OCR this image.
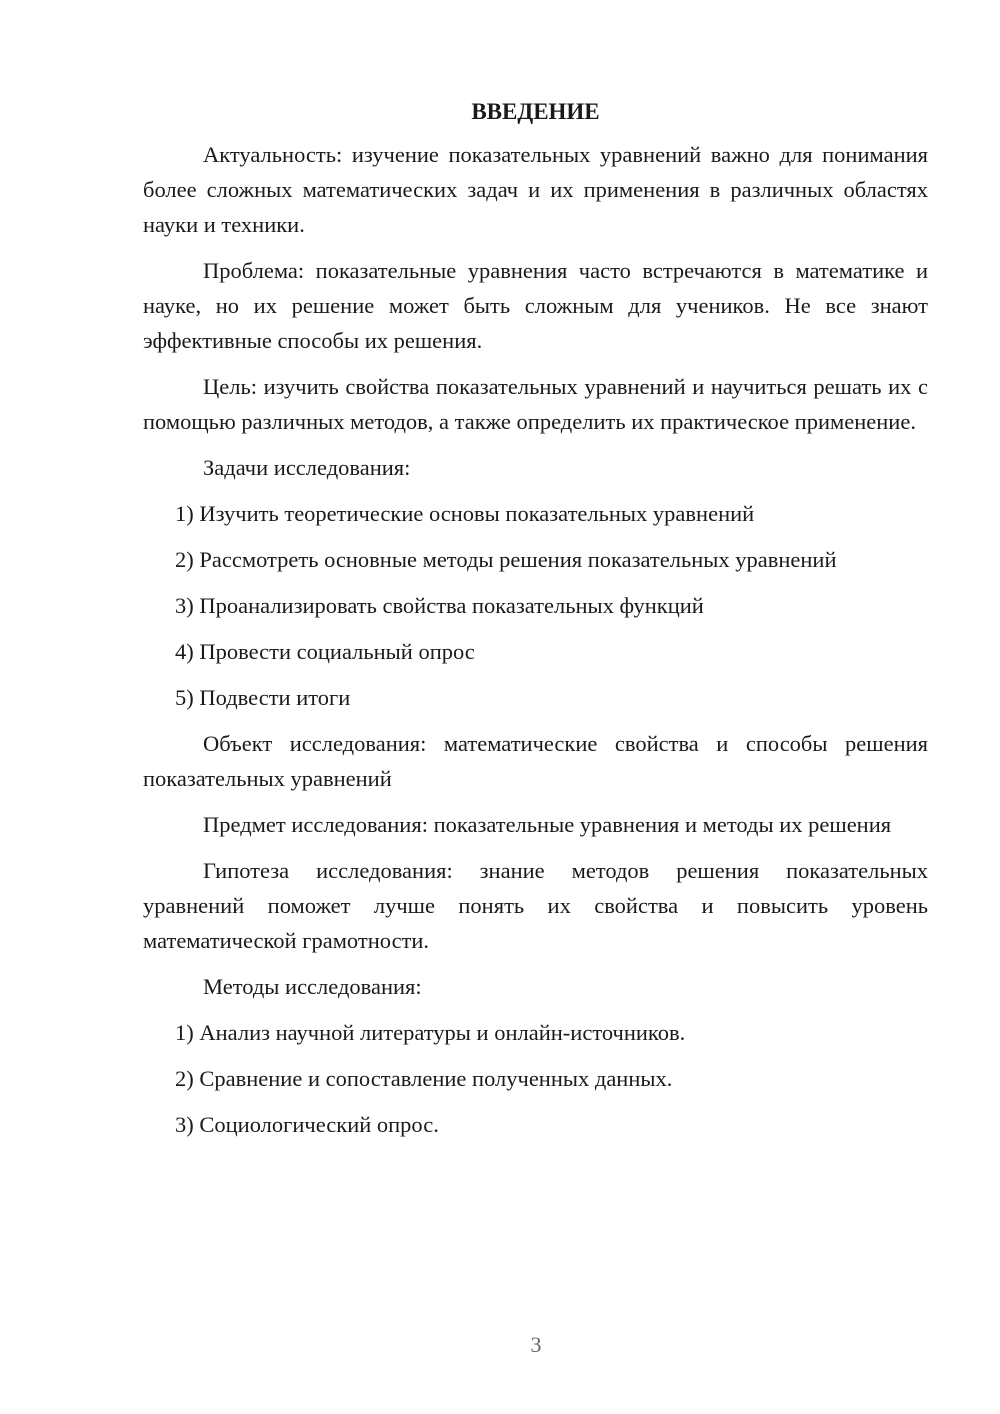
ВВЕДЕНИЕ

Актуальность: изучение показательных уравнений важно для понимания более сложных математических задач и их применения в различных областях науки и техники.

Проблема: показательные уравнения часто встречаются в математике и науке, но их решение может быть сложным для учеников. Не все знают эффективные способы их решения.

Цель: изучить свойства показательных уравнений и научиться решать их с помощью различных методов, а также определить их практическое применение.

Задачи исследования:
1) Изучить теоретические основы показательных уравнений
2) Рассмотреть основные методы решения показательных уравнений
3) Проанализировать свойства показательных функций
4) Провести социальный опрос
5) Подвести итоги

Объект исследования: математические свойства и способы решения показательных уравнений

Предмет исследования: показательные уравнения и методы их решения

Гипотеза исследования: знание методов решения показательных уравнений поможет лучше понять их свойства и повысить уровень математической грамотности.

Методы исследования:
1) Анализ научной литературы и онлайн-источников.
2) Сравнение и сопоставление полученных данных.
3) Социологический опрос.
3
